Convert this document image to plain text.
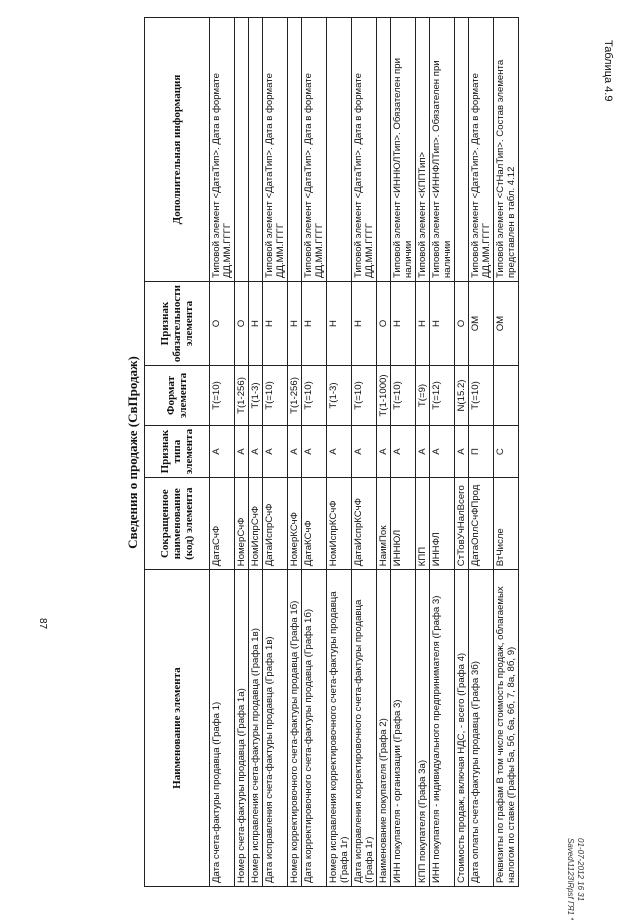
87
Таблица 4.9
01-07-2012 16 31
Saved\1123\Rpsf ГЯ1 *
Сведения о продаже (СвПродаж)
Наименование элемента	Сокращенное наименование (код) элемента	Признак типа элемента	Формат элемента	Признак обязательности элемента	Дополнительная информация
Дата счета-фактуры продавца (Графа 1)	ДатаСчФ	А	T(=10)	О	Типовой элемент <ДатаТип>. Дата в формате ДД.ММ.ГГГГ
Номер счета-фактуры продавца (Графа 1а)	НомерСчФ	А	T(1-256)	О	
Номер исправления счета-фактуры продавца (Графа 1в)	НомИспрСчФ	А	T(1-3)	Н	
Дата исправления счета-фактуры продавца (Графа 1в)	ДатаИспрСчФ	А	T(=10)	Н	Типовой элемент <ДатаТип>. Дата в формате ДД.ММ.ГГГГ
Номер корректировочного счета-фактуры продавца (Графа 1б)	НомерКСчФ	А	T(1-256)	Н	
Дата корректировочного счета-фактуры продавца (Графа 1б)	ДатаКСчФ	А	T(=10)	Н	Типовой элемент <ДатаТип>. Дата в формате ДД.ММ.ГГГГ
Номер исправления корректировочного счета-фактуры продавца (Графа 1г)	НомИспрКСчФ	А	T(1-3)	Н	
Дата исправления корректировочного счета-фактуры продавца (Графа 1г)	ДатаИспрКСчФ	А	T(=10)	Н	Типовой элемент <ДатаТип>. Дата в формате ДД.ММ.ГГГГ
Наименование покупателя (Графа 2)	НаимПок	А	T(1-1000)	О	
ИНН покупателя - организации (Графа 3)	ИННЮЛ	А	T(=10)	Н	Типовой элемент <ИННЮЛТип>. Обязателен при наличии
КПП покупателя (Графа 3а)	КПП	А	T(=9)	Н	Типовой элемент <КППТип>
ИНН покупателя - индивидуального предпринимателя (Графа 3)	ИННФЛ	А	T(=12)	Н	Типовой элемент <ИННФЛТип>. Обязателен при наличии
Стоимость продаж, включая НДС, - всего (Графа 4)	СтТовУчНалВсего	А	N(15.2)	О	
Дата оплаты счета-фактуры продавца (Графа 3б)	ДатаОплСчФПрод	П	T(=10)	ОМ	Типовой элемент <ДатаТип>. Дата в формате ДД.ММ.ГГГГ
Реквизиты по графам В том числе стоимость продаж, облагаемых налогом по ставке (Графы 5а, 5б, 6а, 6б, 7, 8а, 8б, 9)	ВтЧисле	С		ОМ	Типовой элемент <СтНалТип>. Состав элемента представлен в табл. 4.12
